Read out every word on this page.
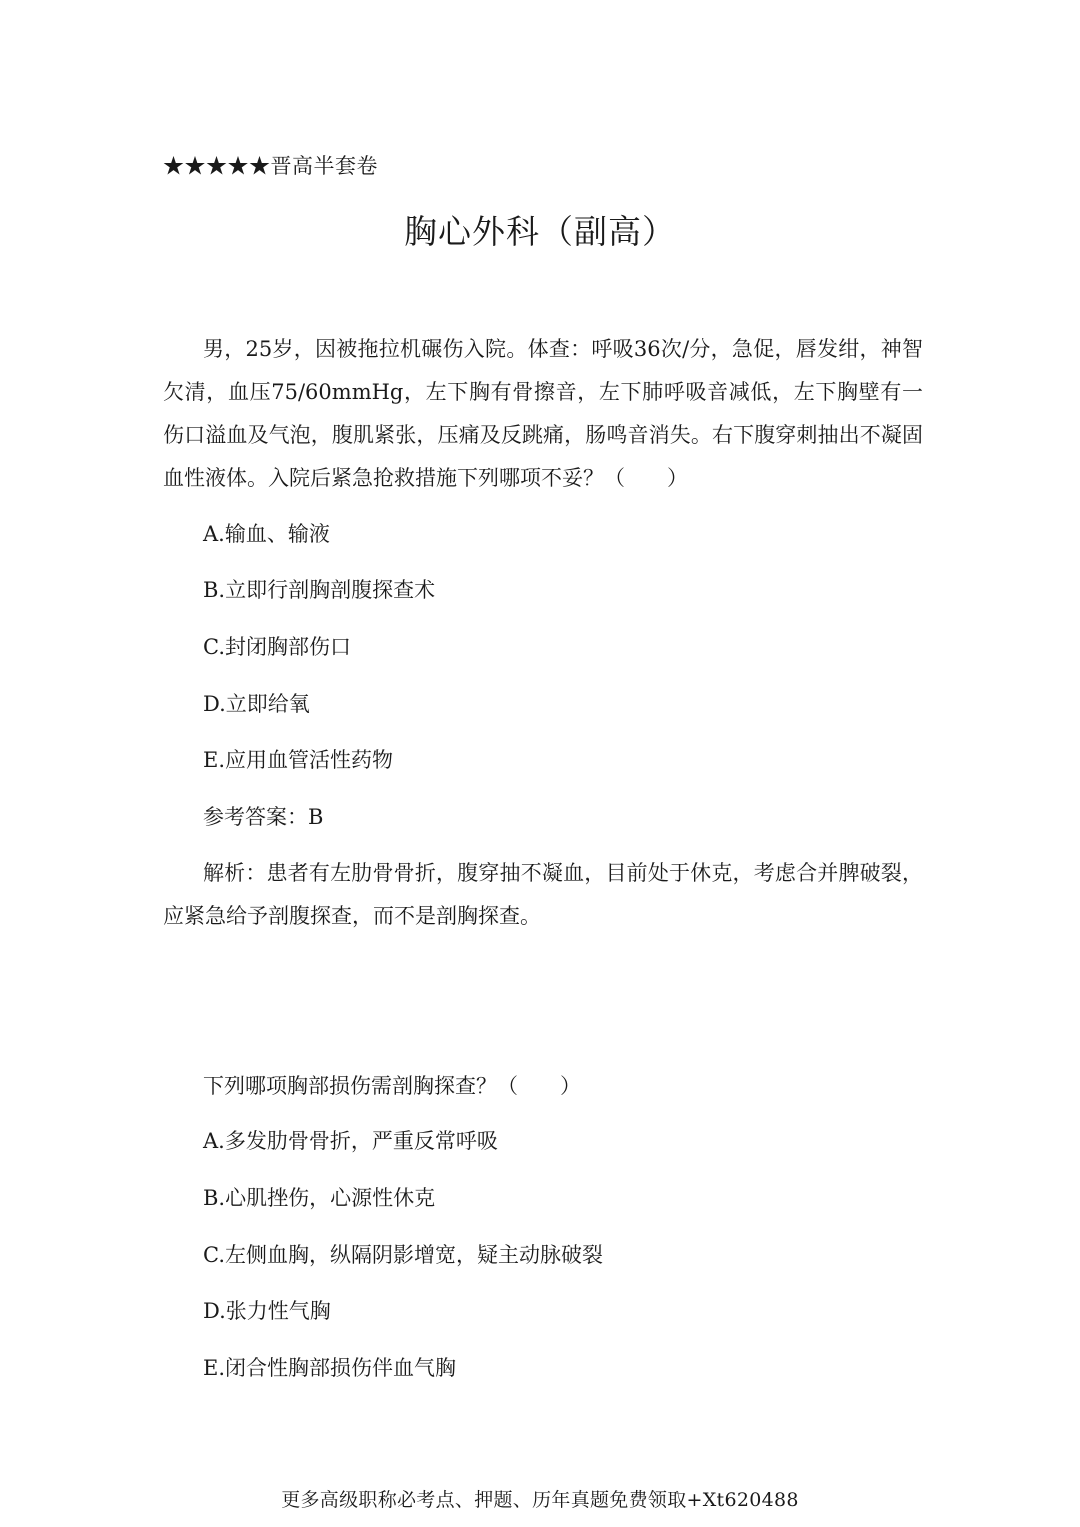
★★★★★晋高半套卷
胸心外科（副高）

男，25岁，因被拖拉机碾伤入院。体查：呼吸36次/分，急促，唇发绀，神智欠清，血压75/60mmHg，左下胸有骨擦音，左下肺呼吸音减低，左下胸壁有一伤口溢血及气泡，腹肌紧张，压痛及反跳痛，肠鸣音消失。右下腹穿刺抽出不凝固血性液体。入院后紧急抢救措施下列哪项不妥？（　　）

A.输血、输液
B.立即行剖胸剖腹探查术
C.封闭胸部伤口
D.立即给氧
E.应用血管活性药物
参考答案：B

解析：患者有左肋骨骨折，腹穿抽不凝血，目前处于休克，考虑合并脾破裂，应紧急给予剖腹探查，而不是剖胸探查。

下列哪项胸部损伤需剖胸探查？（　　）
A.多发肋骨骨折，严重反常呼吸
B.心肌挫伤，心源性休克
C.左侧血胸，纵隔阴影增宽，疑主动脉破裂
D.张力性气胸
E.闭合性胸部损伤伴血气胸
更多高级职称必考点、押题、历年真题免费领取+Xt620488
